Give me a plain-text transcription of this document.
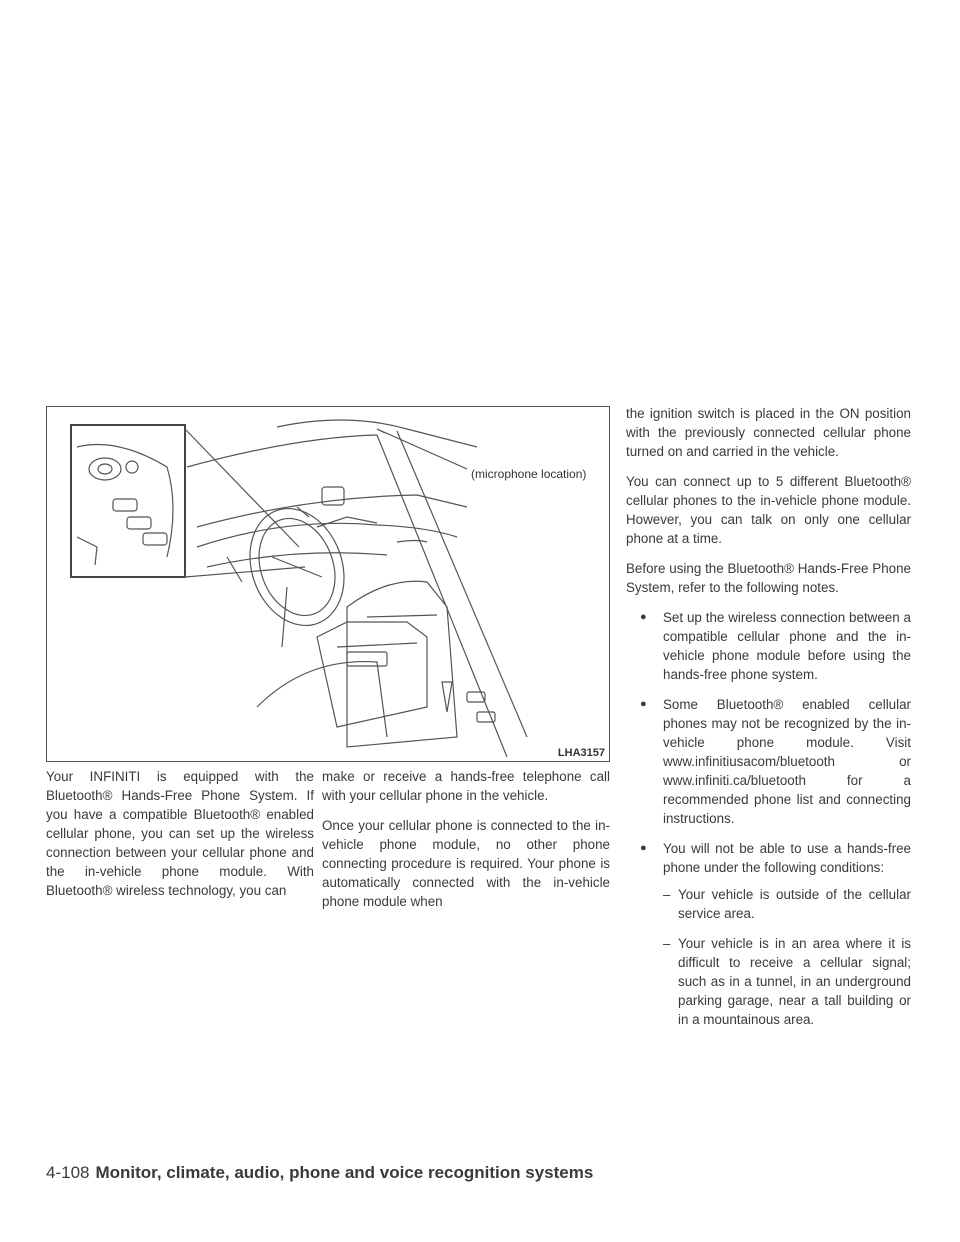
(microphone location)
LHA3157

Your INFINITI is equipped with the Bluetooth® Hands-Free Phone System. If you have a compatible Bluetooth® enabled cellular phone, you can set up the wireless connection between your cellular phone and the in-vehicle phone module. With Bluetooth® wireless technology, you can

make or receive a hands-free telephone call with your cellular phone in the vehicle.

Once your cellular phone is connected to the in-vehicle phone module, no other phone connecting procedure is required. Your phone is automatically connected with the in-vehicle phone module when

the ignition switch is placed in the ON position with the previously connected cellular phone turned on and carried in the vehicle.

You can connect up to 5 different Bluetooth® cellular phones to the in-vehicle phone module. However, you can talk on only one cellular phone at a time.

Before using the Bluetooth® Hands-Free Phone System, refer to the following notes.

● Set up the wireless connection between a compatible cellular phone and the in-vehicle phone module before using the hands-free phone system.
● Some Bluetooth® enabled cellular phones may not be recognized by the in-vehicle phone module. Visit www.infinitiusacom/bluetooth or www.infiniti.ca/bluetooth for a recommended phone list and connecting instructions.
● You will not be able to use a hands-free phone under the following conditions:
– Your vehicle is outside of the cellular service area.
– Your vehicle is in an area where it is difficult to receive a cellular signal; such as in a tunnel, in an underground parking garage, near a tall building or in a mountainous area.
4-108 Monitor, climate, audio, phone and voice recognition systems
